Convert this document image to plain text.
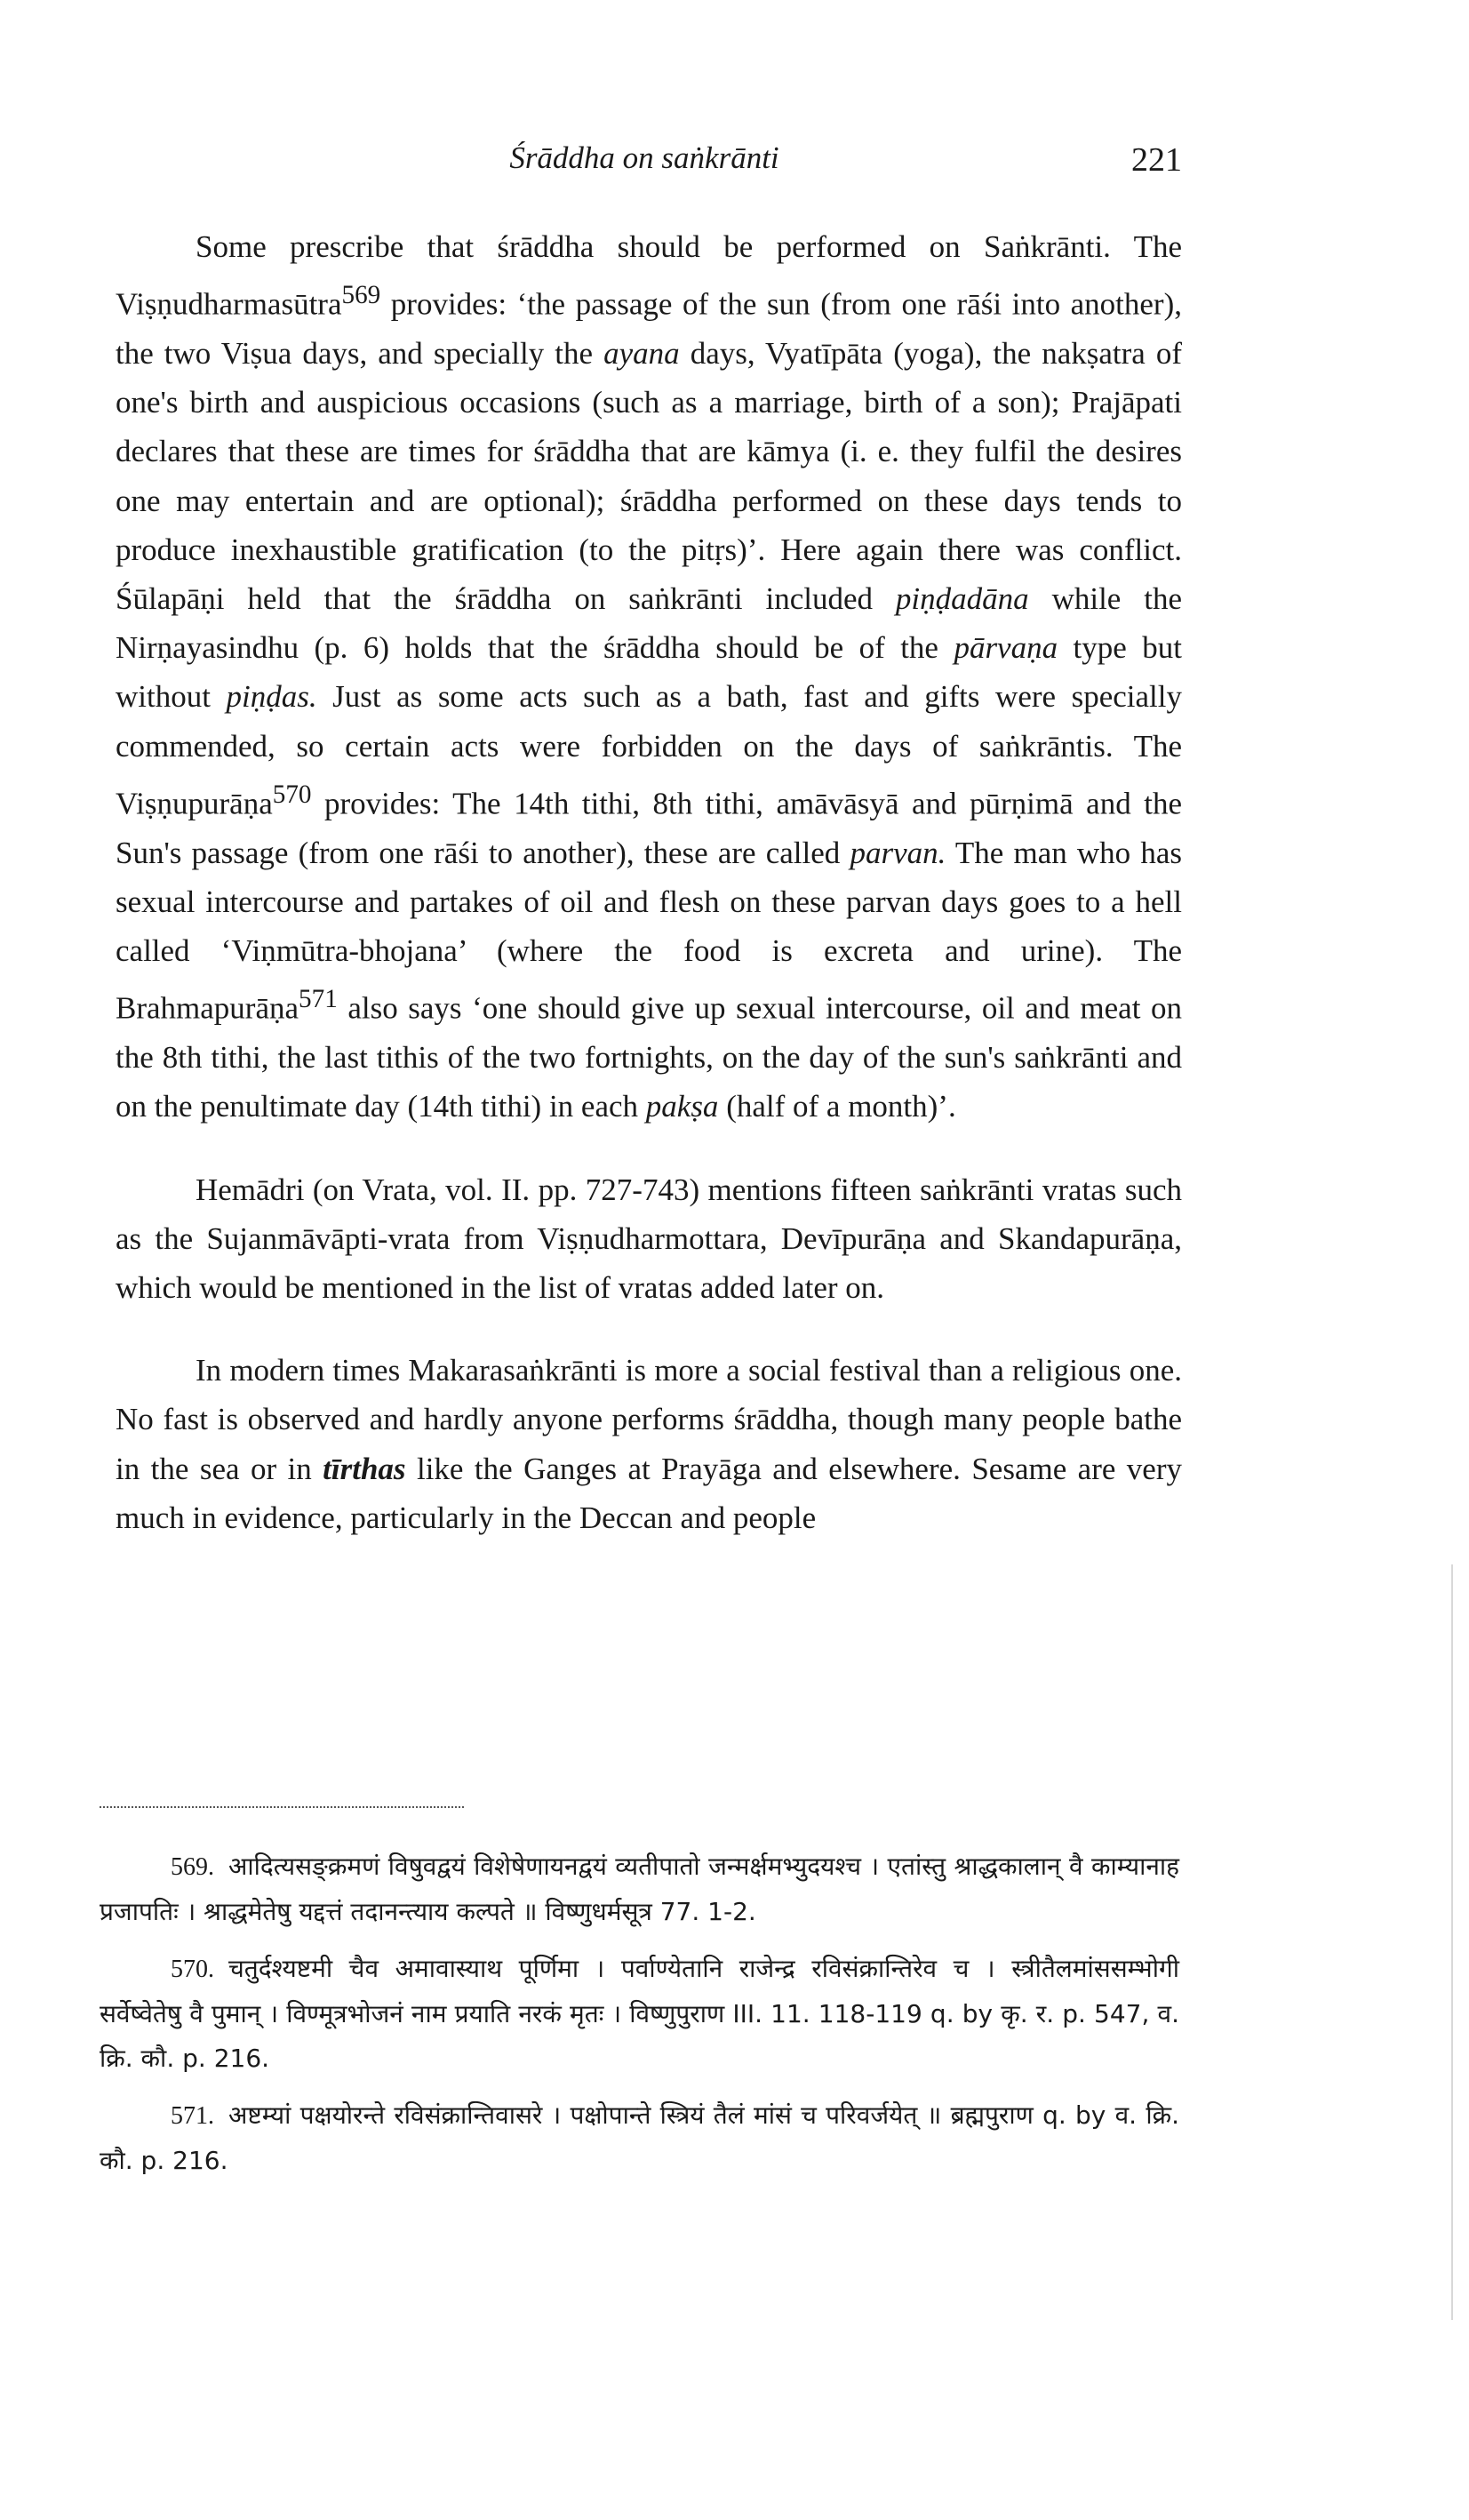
Śrāddha on saṅkrānti	221

Some prescribe that śrāddha should be performed on Saṅkrānti. The Viṣṇudharmasūtra$^{569}$ provides: ‘the passage of the sun (from one rāśi into another), the two Viṣua days, and specially the ayana days, Vyatīpāta (yoga), the nakṣatra of one's birth and auspicious occasions (such as a marriage, birth of a son); Prajāpati declares that these are times for śrāddha that are kāmya (i. e. they fulfil the desires one may entertain and are optional); śrāddha performed on these days tends to produce inexhaustible gratification (to the pitṛs)’. Here again there was conflict. Śūlapāṇi held that the śrāddha on saṅkrānti included piṇḍadāna while the Nirṇayasindhu (p. 6) holds that the śrāddha should be of the pārvaṇa type but without piṇḍas. Just as some acts such as a bath, fast and gifts were specially commended, so certain acts were forbidden on the days of saṅkrāntis. The Viṣṇupurāṇa$^{570}$ provides: The 14th tithi, 8th tithi, amāvāsyā and pūrṇimā and the Sun's passage (from one rāśi to another), these are called parvan. The man who has sexual intercourse and partakes of oil and flesh on these parvan days goes to a hell called ‘Viṇmūtra-bhojana’ (where the food is excreta and urine). The Brahmapurāṇa$^{571}$ also says ‘one should give up sexual intercourse, oil and meat on the 8th tithi, the last tithis of the two fortnights, on the day of the sun's saṅkrānti and on the penultimate day (14th tithi) in each pakṣa (half of a month)’.

Hemādri (on Vrata, vol. II. pp. 727-743) mentions fifteen saṅkrānti vratas such as the Sujanmāvāpti-vrata from Viṣṇudharmottara, Devīpurāṇa and Skandapurāṇa, which would be mentioned in the list of vratas added later on.

In modern times Makarasaṅkrānti is more a social festival than a religious one. No fast is observed and hardly anyone performs śrāddha, though many people bathe in the sea or in tīrthas like the Ganges at Prayāga and elsewhere. Sesame are very much in evidence, particularly in the Deccan and people

569. आदित्यसङ्क्रमणं विषुवद्वयं विशेषेणायनद्वयं व्यतीपातो जन्मर्क्षमभ्युदयश्च । एतांस्तु श्राद्धकालान् वै काम्यानाह प्रजापतिः । श्राद्धमेतेषु यद्दत्तं तदानन्त्याय कल्पते ॥ विष्णुधर्मसूत्र 77. 1-2.

570. चतुर्दश्यष्टमी चैव अमावास्याथ पूर्णिमा । पर्वाण्येतानि राजेन्द्र रविसंक्रान्तिरेव च । स्त्रीतैलमांससम्भोगी सर्वेष्वेतेषु वै पुमान् । विण्मूत्रभोजनं नाम प्रयाति नरकं मृतः । विष्णुपुराण III. 11. 118-119 q. by कृ. र. p. 547, व. क्रि. कौ. p. 216.

571. अष्टम्यां पक्षयोरन्ते रविसंक्रान्तिवासरे । पक्षोपान्ते स्त्रियं तैलं मांसं च परिवर्जयेत् ॥ ब्रह्मपुराण q. by व. क्रि. कौ. p. 216.
